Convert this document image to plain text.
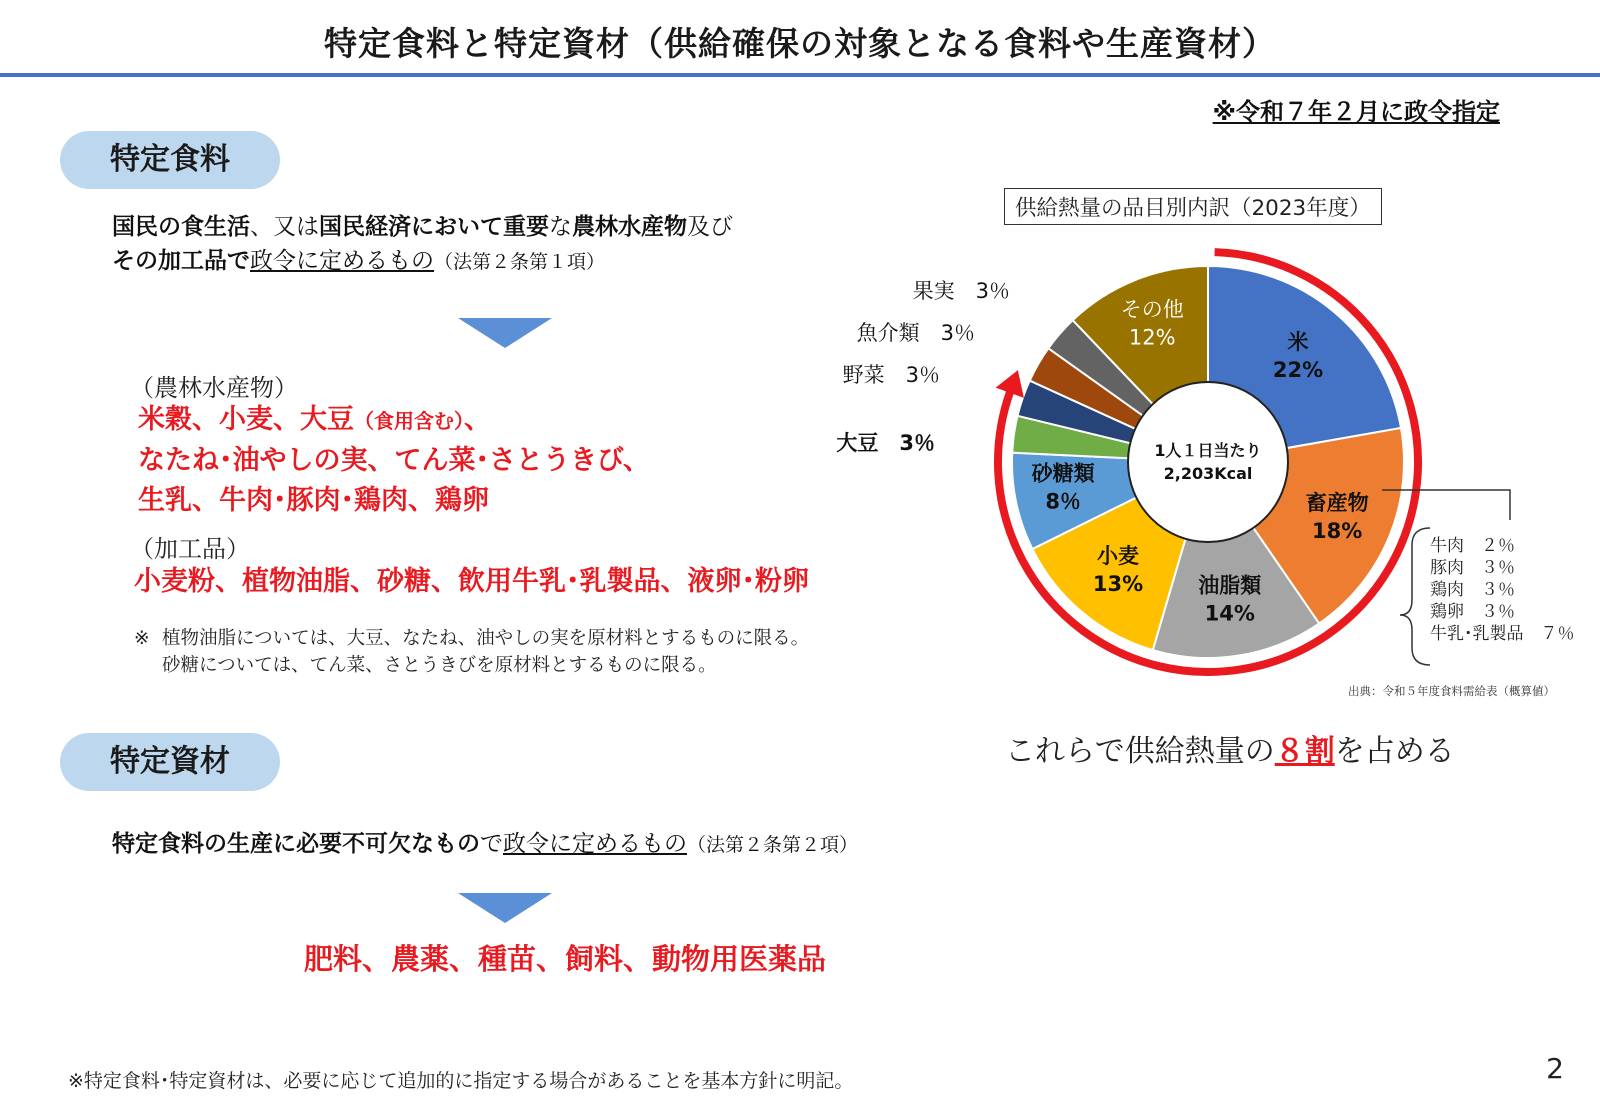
特定食料と特定資材（供給確保の対象となる食料や生産資材）
※令和７年２月に政令指定
特定食料
国民の食生活、又は国民経済において重要な農林水産物及び
その加工品で政令に定めるもの（法第２条第１項）
（農林水産物）
米穀、小麦、大豆（食用含む）、
なたね･油やしの実、てん菜･さとうきび、
生乳、牛肉･豚肉･鶏肉、鶏卵
（加工品）
小麦粉、植物油脂、砂糖、飲用牛乳･乳製品、液卵･粉卵
※ 植物油脂については、大豆、なたね、油やしの実を原材料とするものに限る。
砂糖については、てん菜、さとうきびを原材料とするものに限る。
特定資材
特定食料の生産に必要不可欠なもので政令に定めるもの（法第２条第２項）
肥料、農薬、種苗、飼料、動物用医薬品
供給熱量の品目別内訳（2023年度）
1人１日当たり
2,203Kcal
米
22%
畜産物
18%
油脂類
14%
小麦
13%
砂糖類
8％
大豆　3％
野菜　3％
魚介類　3％
果実　3％
その他
12%
牛肉　 ２％
豚肉　 ３％
鶏肉　 ３％
鶏卵　 ３％
牛乳･乳製品　 ７％
出典：令和５年度食料需給表（概算値）
これらで供給熱量の８割を占める
※特定食料･特定資材は、必要に応じて追加的に指定する場合があることを基本方針に明記。	2
